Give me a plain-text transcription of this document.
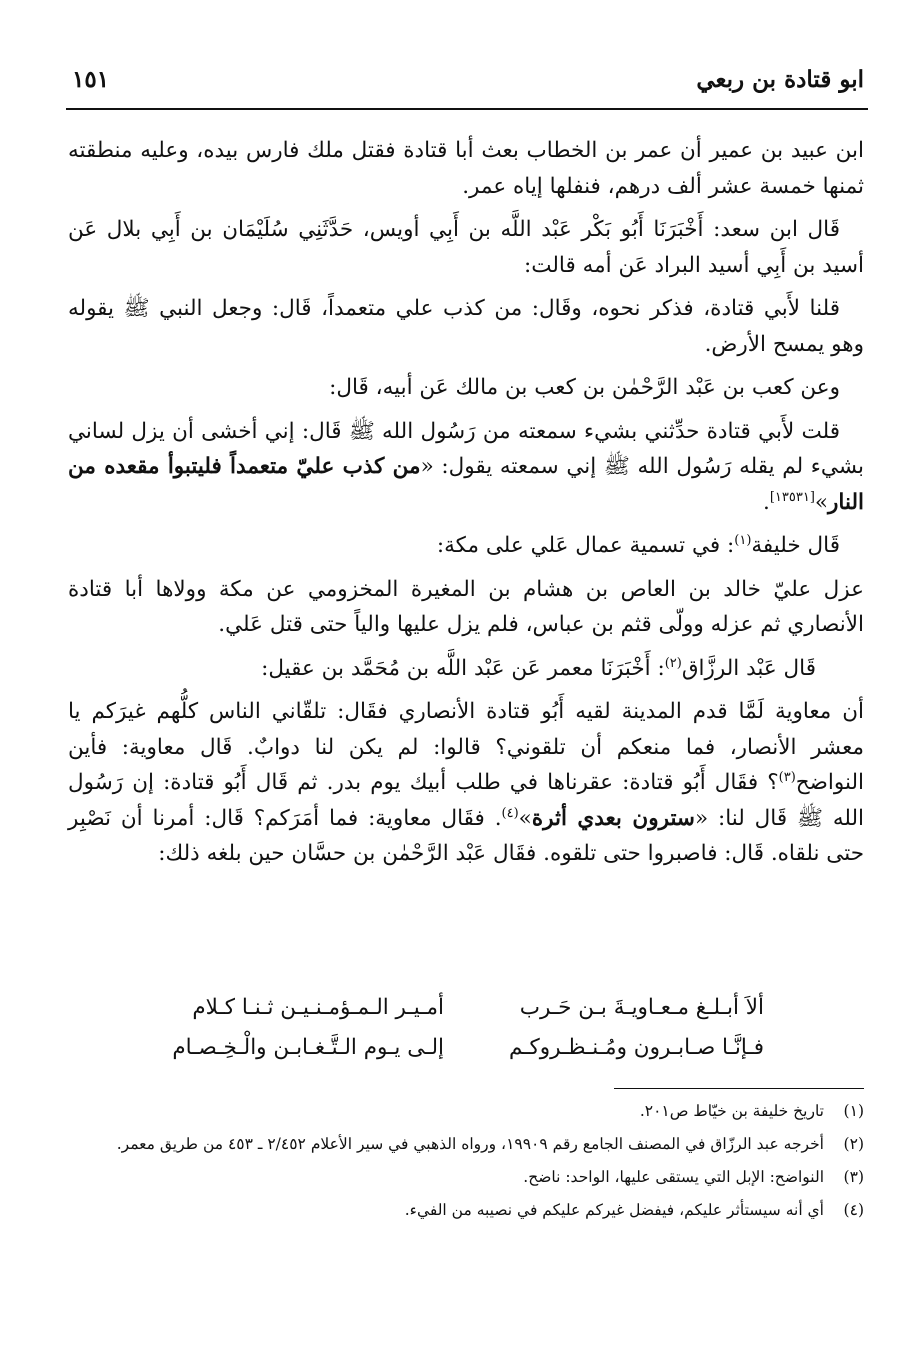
ابو قتادة بن ربعي
١٥١

ابن عبيد بن عمير أن عمر بن الخطاب بعث أبا قتادة فقتل ملك فارس بيده، وعليه منطقته ثمنها خمسة عشر ألف درهم، فنفلها إياه عمر.

قَال ابن سعد: أَخْبَرَنَا أَبُو بَكْر عَبْد اللَّه بن أَبِي أويس، حَدَّثَنِي سُلَيْمَان بن أَبِي بلال عَن أسيد بن أَبِي أسيد البراد عَن أمه قالت:

قلنا لأَبي قتادة، فذكر نحوه، وقَال: من كذب علي متعمداً، قَال: وجعل النبي ﷺ يقوله وهو يمسح الأرض.

وعن كعب بن عَبْد الرَّحْمٰن بن كعب بن مالك عَن أبيه، قَال:

قلت لأَبي قتادة حدِّثني بشيء سمعته من رَسُول الله ﷺ قَال: إني أخشى أن يزل لساني بشيء لم يقله رَسُول الله ﷺ إني سمعته يقول: «من كذب عليّ متعمداً فليتبوأ مقعده من النار»[١٣٥٣١].

قَال خليفة$^{(١)}$: في تسمية عمال عَلي على مكة:

عزل عليّ خالد بن العاص بن هشام بن المغيرة المخزومي عن مكة وولاها أبا قتادة الأنصاري ثم عزله وولّى قثم بن عباس، فلم يزل عليها والياً حتى قتل عَلي.

قَال عَبْد الرزَّاق$^{(٢)}$: أَخْبَرَنَا معمر عَن عَبْد اللَّه بن مُحَمَّد بن عقيل:

أن معاوية لَمَّا قدم المدينة لقيه أَبُو قتادة الأنصاري فقَال: تلقّاني الناس كلُّهم غيرَكم يا معشر الأنصار، فما منعكم أن تلقوني؟ قالوا: لم يكن لنا دوابٌ. قَال معاوية: فأين النواضح$^{(٣)}$؟ فقَال أَبُو قتادة: عقرناها في طلب أبيك يوم بدر. ثم قَال أَبُو قتادة: إن رَسُول الله ﷺ قَال لنا: «سترون بعدي أثرة»$^{(٤)}$. فقَال معاوية: فما أمَرَكم؟ قَال: أمرنا أن نَصْبِر حتى نلقاه. قَال: فاصبروا حتى تلقوه. فقَال عَبْد الرَّحْمٰن بن حسَّان حين بلغه ذلك:

ألاَ أبـلـغ مـعـاويـةَ بـن حَـرب
أمـيـر الـمـؤمـنـيـن ثـنـا كـلام
فـإنَّـا صـابـرون ومُـنـظـروكـم
إلـى يـوم الـتَّـغـابـن والْـخِـصـام
(١)
تاريخ خليفة بن خيّاط ص٢٠١.
(٢)
أخرجه عبد الرزّاق في المصنف الجامع رقم ١٩٩٠٩، ورواه الذهبي في سير الأعلام ٢/٤٥٢ ـ ٤٥٣ من طريق معمر.
(٣)
النواضح: الإبل التي يستقى عليها، الواحد: ناضح.
(٤)
أي أنه سيستأثر عليكم، فيفضل غيركم عليكم في نصيبه من الفيء.
